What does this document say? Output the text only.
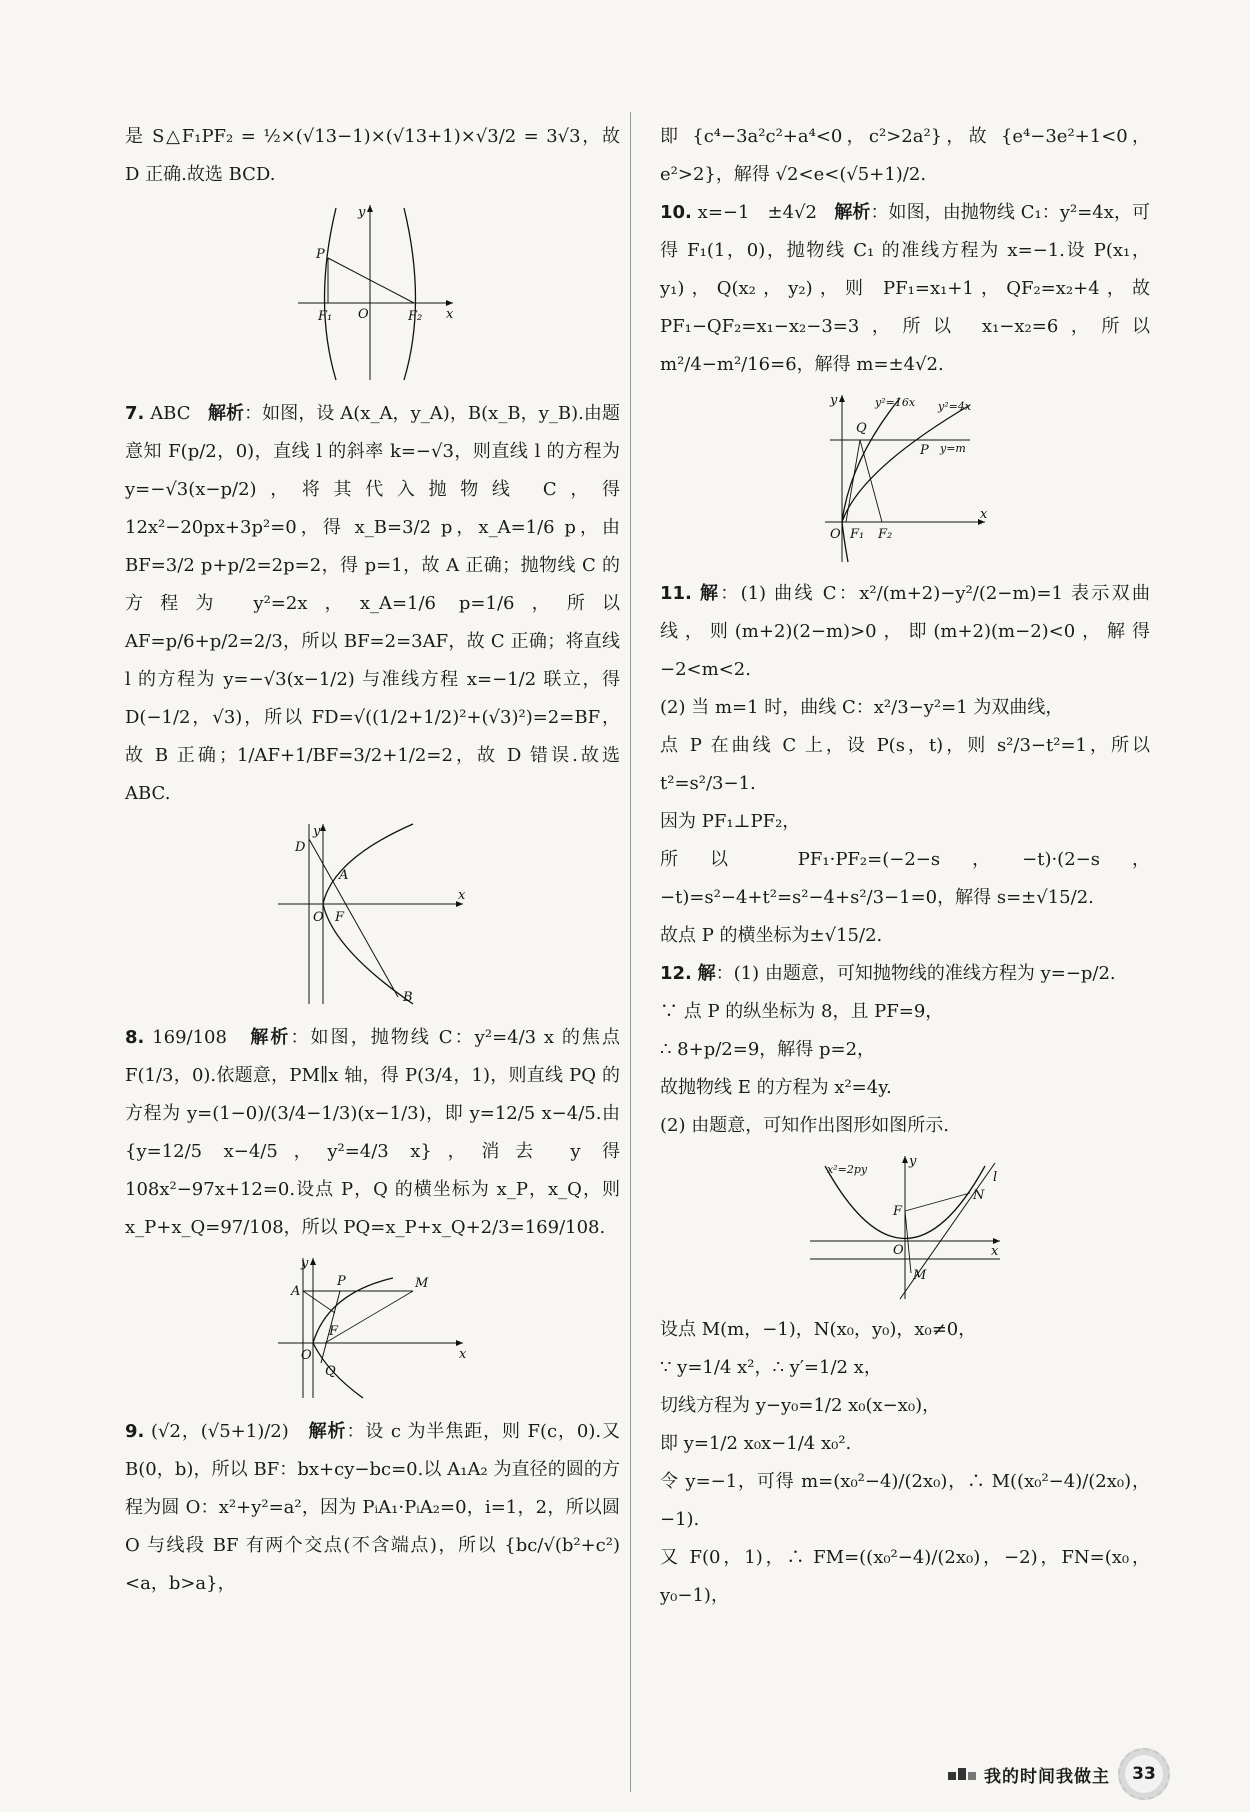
是 S△F₁PF₂ = ½×(√13−1)×(√13+1)×√3/2 = 3√3，故 D 正确.故选 BCD.

y
x
P
F₁ O	F₂

7. ABC 解析：如图，设 A(x_A，y_A)，B(x_B，y_B).由题意知 F(p/2，0)，直线 l 的斜率 k=−√3，则直线 l 的方程为 y=−√3(x−p/2)，将其代入抛物线 C，得 12x²−20px+3p²=0，得 x_B=3/2 p，x_A=1/6 p，由 BF=3/2 p+p/2=2p=2，得 p=1，故 A 正确；抛物线 C 的方程为 y²=2x，x_A=1/6 p=1/6，所以 AF=p/6+p/2=2/3，所以 BF=2=3AF，故 C 正确；将直线 l 的方程为 y=−√3(x−1/2) 与准线方程 x=−1/2 联立，得 D(−1/2，√3)，所以 FD=√((1/2+1/2)²+(√3)²)=2=BF，故 B 正确；1/AF+1/BF=3/2+1/2=2，故 D 错误.故选 ABC.

y
x
D
A
O F
B

8. 169/108 解析：如图，抛物线 C：y²=4/3 x 的焦点 F(1/3，0).依题意，PM∥x 轴，得 P(3/4，1)，则直线 PQ 的方程为 y=(1−0)/(3/4−1/3)(x−1/3)，即 y=12/5 x−4/5.由 {y=12/5 x−4/5，y²=4/3 x}，消去 y 得 108x²−97x+12=0.设点 P，Q 的横坐标为 x_P，x_Q，则 x_P+x_Q=97/108，所以 PQ=x_P+x_Q+2/3=169/108.

y
x
A
P	M
F
O
Q

9. (√2，(√5+1)/2) 解析：设 c 为半焦距，则 F(c，0).又 B(0，b)，所以 BF：bx+cy−bc=0.以 A₁A₂ 为直径的圆的方程为圆 O：x²+y²=a²，因为 PᵢA₁·PᵢA₂=0，i=1，2，所以圆 O 与线段 BF 有两个交点(不含端点)，所以 {bc/√(b²+c²)<a，b>a}，

即 {c⁴−3a²c²+a⁴<0，c²>2a²}，故 {e⁴−3e²+1<0，e²>2}，解得 √2<e<(√5+1)/2.

10. x=−1　±4√2 解析：如图，由抛物线 C₁：y²=4x，可得 F₁(1，0)，抛物线 C₁ 的准线方程为 x=−1.设 P(x₁，y₁)，Q(x₂，y₂)，则 PF₁=x₁+1，QF₂=x₂+4，故 PF₁−QF₂=x₁−x₂−3=3，所以 x₁−x₂=6，所以 m²/4−m²/16=6，解得 m=±4√2.

y
x
y²=16x y²=4x
Q
P y=m
O F₁ F₂

11. 解：(1) 曲线 C：x²/(m+2)−y²/(2−m)=1 表示双曲线，则(m+2)(2−m)>0，即(m+2)(m−2)<0，解得−2<m<2.

(2) 当 m=1 时，曲线 C：x²/3−y²=1 为双曲线，

点 P 在曲线 C 上，设 P(s，t)，则 s²/3−t²=1，所以 t²=s²/3−1.

因为 PF₁⊥PF₂，

所以 PF₁·PF₂=(−2−s，−t)·(2−s，−t)=s²−4+t²=s²−4+s²/3−1=0，解得 s=±√15/2.

故点 P 的横坐标为±√15/2.

12. 解：(1) 由题意，可知抛物线的准线方程为 y=−p/2.

∵ 点 P 的纵坐标为 8，且 PF=9，

∴ 8+p/2=9，解得 p=2，

故抛物线 E 的方程为 x²=4y.

(2) 由题意，可知作出图形如图所示.

y
x
x²=2py
l
N
F
O
M

设点 M(m，−1)，N(x₀，y₀)，x₀≠0，

∵ y=1/4 x²，∴ y′=1/2 x，

切线方程为 y−y₀=1/2 x₀(x−x₀)，

即 y=1/2 x₀x−1/4 x₀².

令 y=−1，可得 m=(x₀²−4)/(2x₀)，∴ M((x₀²−4)/(2x₀)，−1).

又 F(0，1)，∴ FM=((x₀²−4)/(2x₀)，−2)，FN=(x₀，y₀−1)，

我的时间我做主	33
